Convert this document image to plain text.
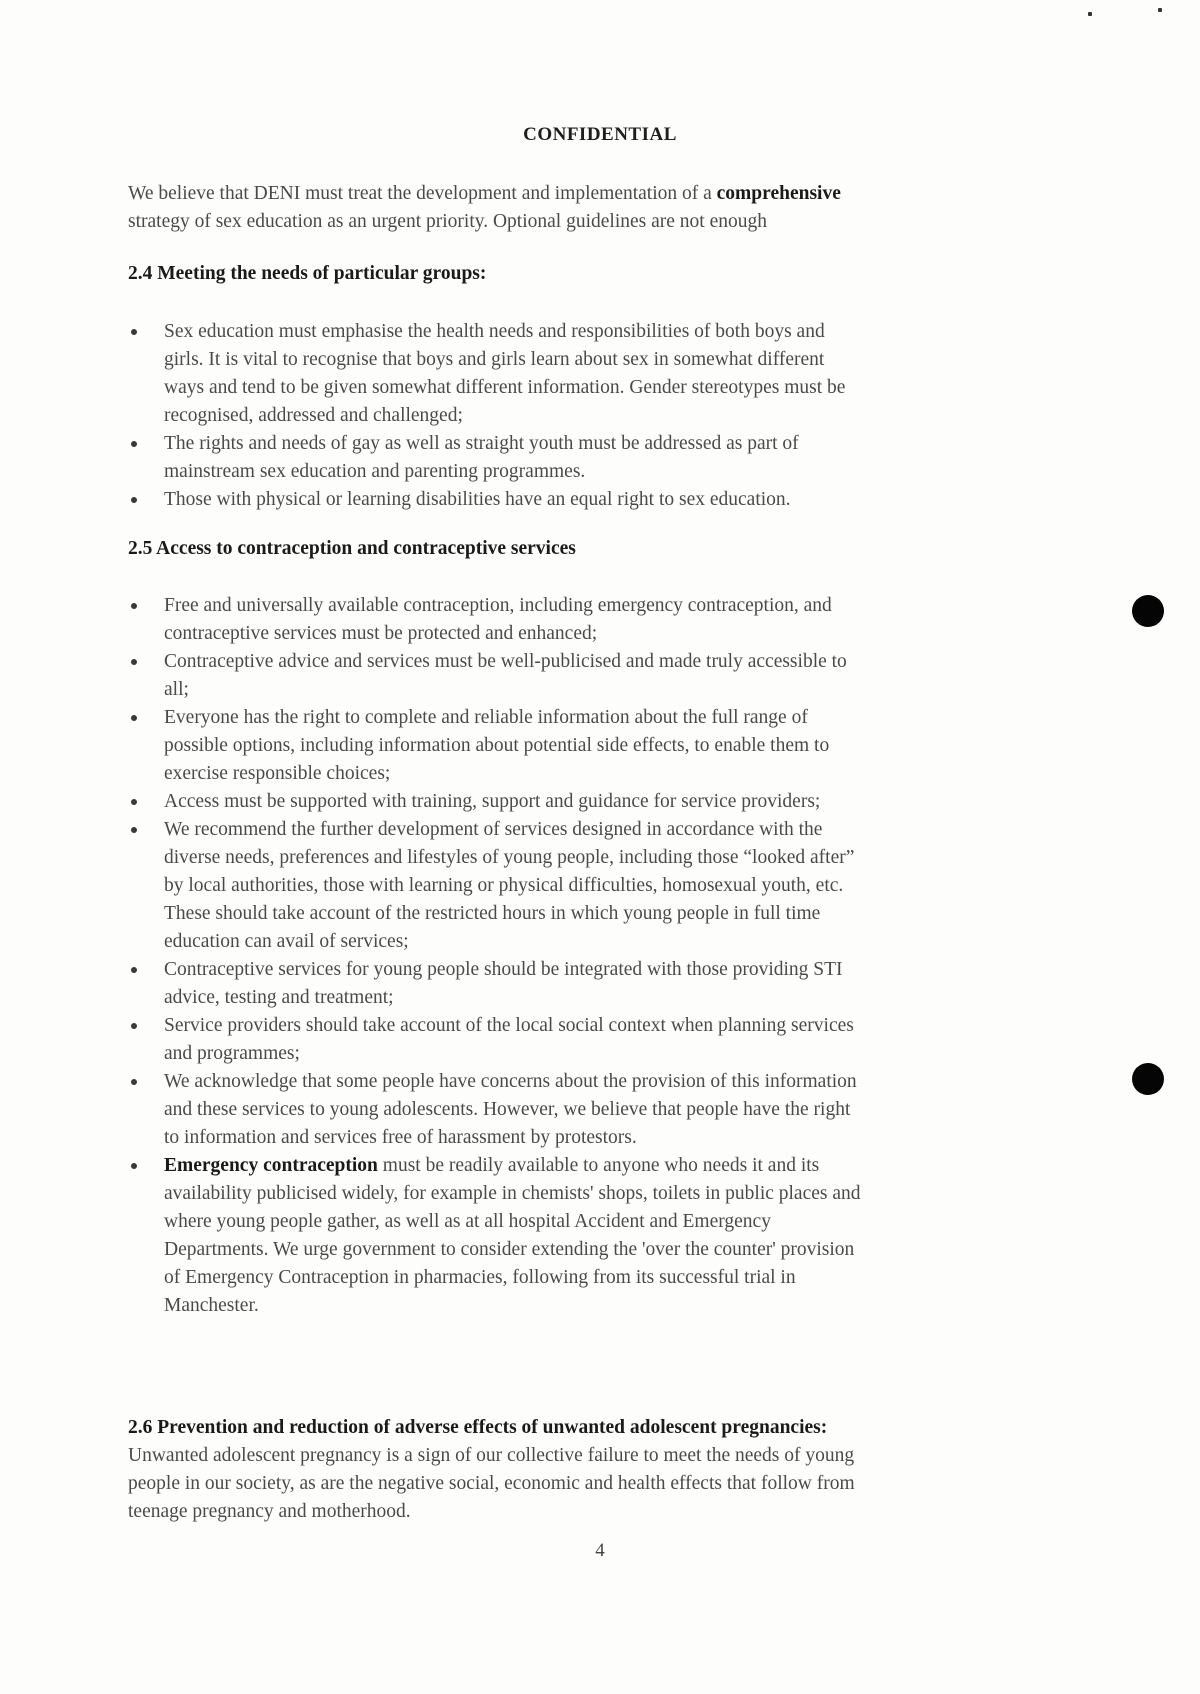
CONFIDENTIAL
We believe that DENI must treat the development and implementation of a comprehensive
strategy of sex education as an urgent priority. Optional guidelines are not enough
2.4 Meeting the needs of particular groups:
Sex education must emphasise the health needs and responsibilities of both boys and
girls. It is vital to recognise that boys and girls learn about sex in somewhat different
ways and tend to be given somewhat different information. Gender stereotypes must be
recognised, addressed and challenged;
The rights and needs of gay as well as straight youth must be addressed as part of
mainstream sex education and parenting programmes.
Those with physical or learning disabilities have an equal right to sex education.
2.5 Access to contraception and contraceptive services
Free and universally available contraception, including emergency contraception, and
contraceptive services must be protected and enhanced;
Contraceptive advice and services must be well-publicised and made truly accessible to
all;
Everyone has the right to complete and reliable information about the full range of
possible options, including information about potential side effects, to enable them to
exercise responsible choices;
Access must be supported with training, support and guidance for service providers;
We recommend the further development of services designed in accordance with the
diverse needs, preferences and lifestyles of young people, including those “looked after”
by local authorities, those with learning or physical difficulties, homosexual youth, etc.
These should take account of the restricted hours in which young people in full time
education can avail of services;
Contraceptive services for young people should be integrated with those providing STI
advice, testing and treatment;
Service providers should take account of the local social context when planning services
and programmes;
We acknowledge that some people have concerns about the provision of this information
and these services to young adolescents. However, we believe that people have the right
to information and services free of harassment by protestors.
Emergency contraception must be readily available to anyone who needs it and its
availability publicised widely, for example in chemists' shops, toilets in public places and
where young people gather, as well as at all hospital Accident and Emergency
Departments. We urge government to consider extending the 'over the counter' provision
of Emergency Contraception in pharmacies, following from its successful trial in
Manchester.
2.6 Prevention and reduction of adverse effects of unwanted adolescent pregnancies:
Unwanted adolescent pregnancy is a sign of our collective failure to meet the needs of young
people in our society, as are the negative social, economic and health effects that follow from
teenage pregnancy and motherhood.
4
